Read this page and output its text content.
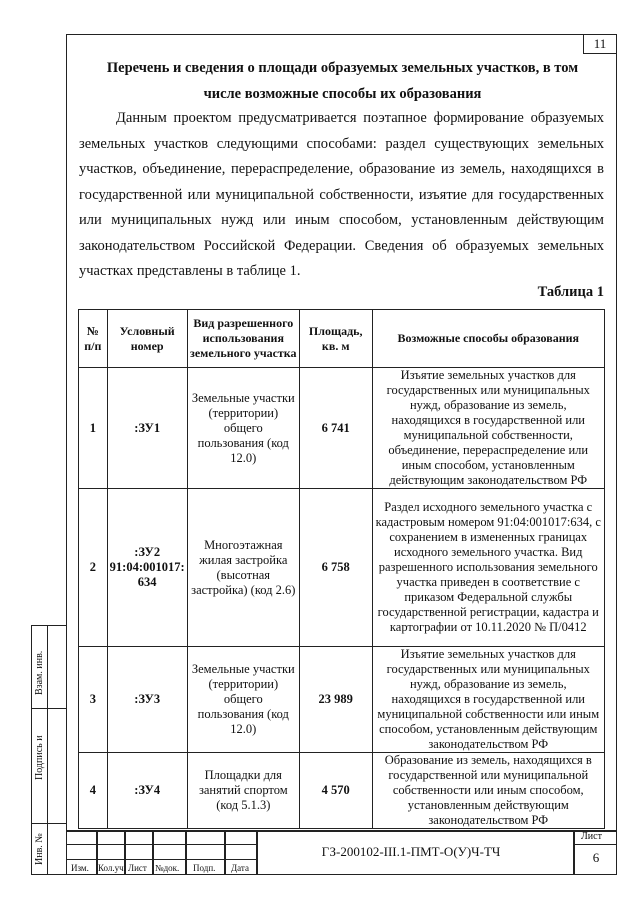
11
Перечень и сведения о площади образуемых земельных участков, в том
числе возможные способы их образования

Данным проектом предусматривается поэтапное формирование образуемых земельных участков следующими способами: раздел существующих земельных участков, объединение, перераспределение, образование из земель, находящихся в государственной или муниципальной собственности, изъятие для государственных или муниципальных нужд или иным способом, установленным действующим законодательством Российской Федерации. Сведения об образуемых земельных участках представлены в таблице 1.

Таблица 1
№ п/п	Условный номер	Вид разрешенного использования земельного участка	Площадь, кв. м	Возможные способы образования
1	:ЗУ1	Земельные участки (территории) общего пользования (код 12.0)	6 741	Изъятие земельных участков для государственных или муниципальных нужд, образование из земель, находящихся в государственной или муниципальной собственности, объединение, перераспределение или иным способом, установленным действующим законодательством РФ
2	:ЗУ2 91:04:001017: 634	Многоэтажная жилая застройка (высотная застройка) (код 2.6)	6 758	Раздел исходного земельного участка с кадастровым номером 91:04:001017:634, с сохранением в измененных границах исходного земельного участка. Вид разрешенного использования земельного участка приведен в соответствие с приказом Федеральной службы государственной регистрации, кадастра и картографии от 10.11.2020 № П/0412
3	:ЗУ3	Земельные участки (территории) общего пользования (код 12.0)	23 989	Изъятие земельных участков для государственных или муниципальных нужд, образование из земель, находящихся в государственной или муниципальной собственности или иным способом, установленным действующим законодательством РФ
4	:ЗУ4	Площадки для занятий спортом (код 5.1.3)	4 570	Образование из земель, находящихся в государственной или муниципальной собственности или иным способом, установленным действующим законодательством РФ
Взам. инв.
Подпись и
Инв. №
Изм. Кол.уч. Лист №док. Подп. Дата
ГЗ-200102-III.1-ПМТ-О(У)Ч-ТЧ
Лист
6
